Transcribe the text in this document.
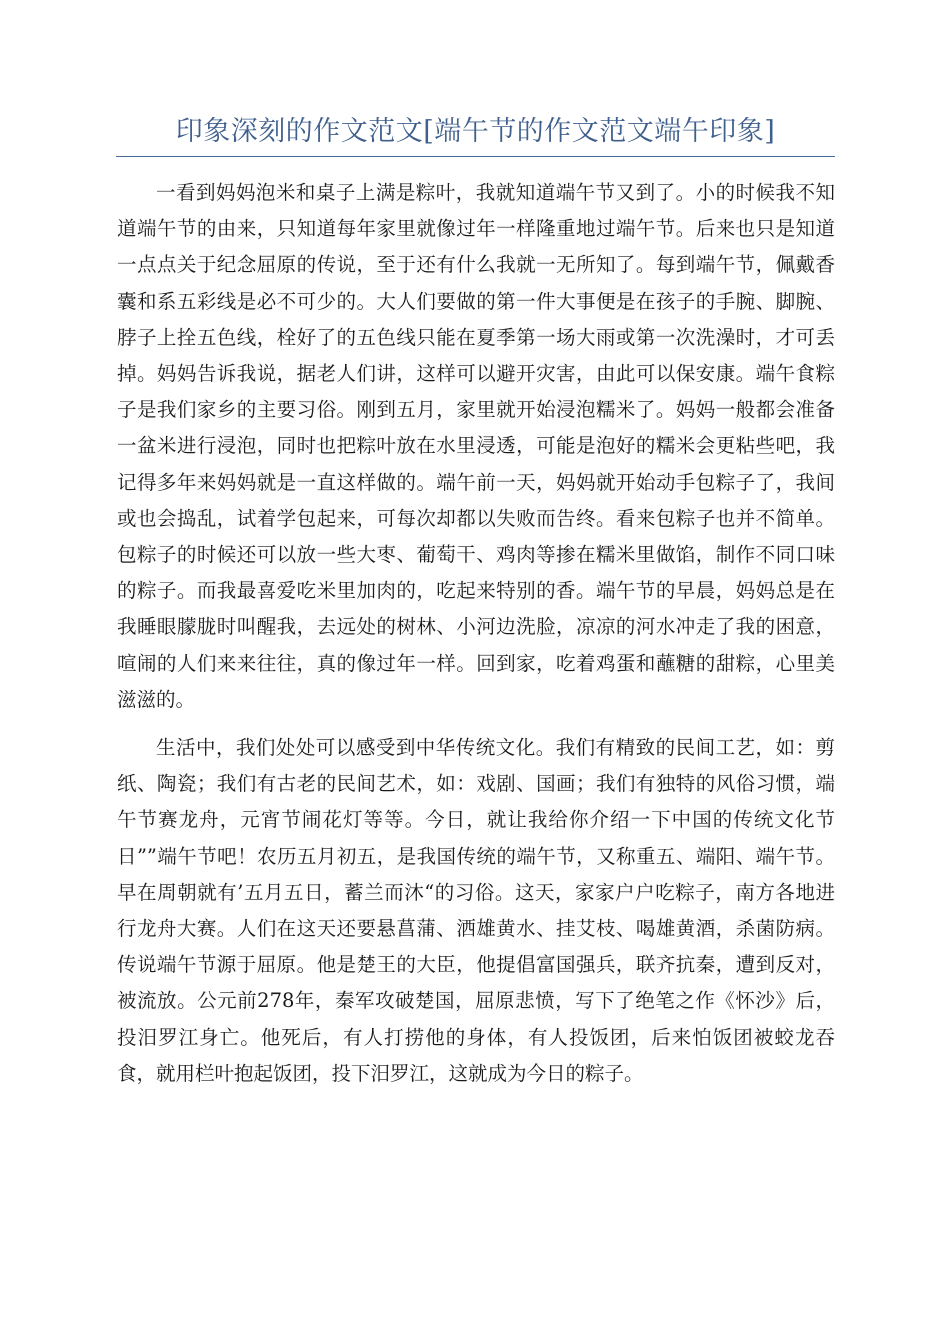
印象深刻的作文范文[端午节的作文范文端午印象]

一看到妈妈泡米和桌子上满是粽叶，我就知道端午节又到了。小的时候我不知道端午节的由来，只知道每年家里就像过年一样隆重地过端午节。后来也只是知道一点点关于纪念屈原的传说，至于还有什么我就一无所知了。每到端午节，佩戴香囊和系五彩线是必不可少的。大人们要做的第一件大事便是在孩子的手腕、脚腕、脖子上拴五色线，栓好了的五色线只能在夏季第一场大雨或第一次洗澡时，才可丢掉。妈妈告诉我说，据老人们讲，这样可以避开灾害，由此可以保安康。端午食粽子是我们家乡的主要习俗。刚到五月，家里就开始浸泡糯米了。妈妈一般都会准备一盆米进行浸泡，同时也把粽叶放在水里浸透，可能是泡好的糯米会更粘些吧，我记得多年来妈妈就是一直这样做的。端午前一天，妈妈就开始动手包粽子了，我间或也会捣乱，试着学包起来，可每次却都以失败而告终。看来包粽子也并不简单。包粽子的时候还可以放一些大枣、葡萄干、鸡肉等掺在糯米里做馅，制作不同口味的粽子。而我最喜爱吃米里加肉的，吃起来特别的香。端午节的早晨，妈妈总是在我睡眼朦胧时叫醒我，去远处的树林、小河边洗脸，凉凉的河水冲走了我的困意，喧闹的人们来来往往，真的像过年一样。回到家，吃着鸡蛋和蘸糖的甜粽，心里美滋滋的。

生活中，我们处处可以感受到中华传统文化。我们有精致的民间工艺，如：剪纸、陶瓷；我们有古老的民间艺术，如：戏剧、国画；我们有独特的风俗习惯，端午节赛龙舟，元宵节闹花灯等等。今日，就让我给你介绍一下中国的传统文化节日””端午节吧！农历五月初五，是我国传统的端午节，又称重五、端阳、端午节。早在周朝就有’五月五日，蓄兰而沐“的习俗。这天，家家户户吃粽子，南方各地进行龙舟大赛。人们在这天还要悬菖蒲、洒雄黄水、挂艾枝、喝雄黄酒，杀菌防病。传说端午节源于屈原。他是楚王的大臣，他提倡富国强兵，联齐抗秦，遭到反对，被流放。公元前278年，秦军攻破楚国，屈原悲愤，写下了绝笔之作《怀沙》后，投汨罗江身亡。他死后，有人打捞他的身体，有人投饭团，后来怕饭团被蛟龙吞食，就用栏叶抱起饭团，投下汨罗江，这就成为今日的粽子。
